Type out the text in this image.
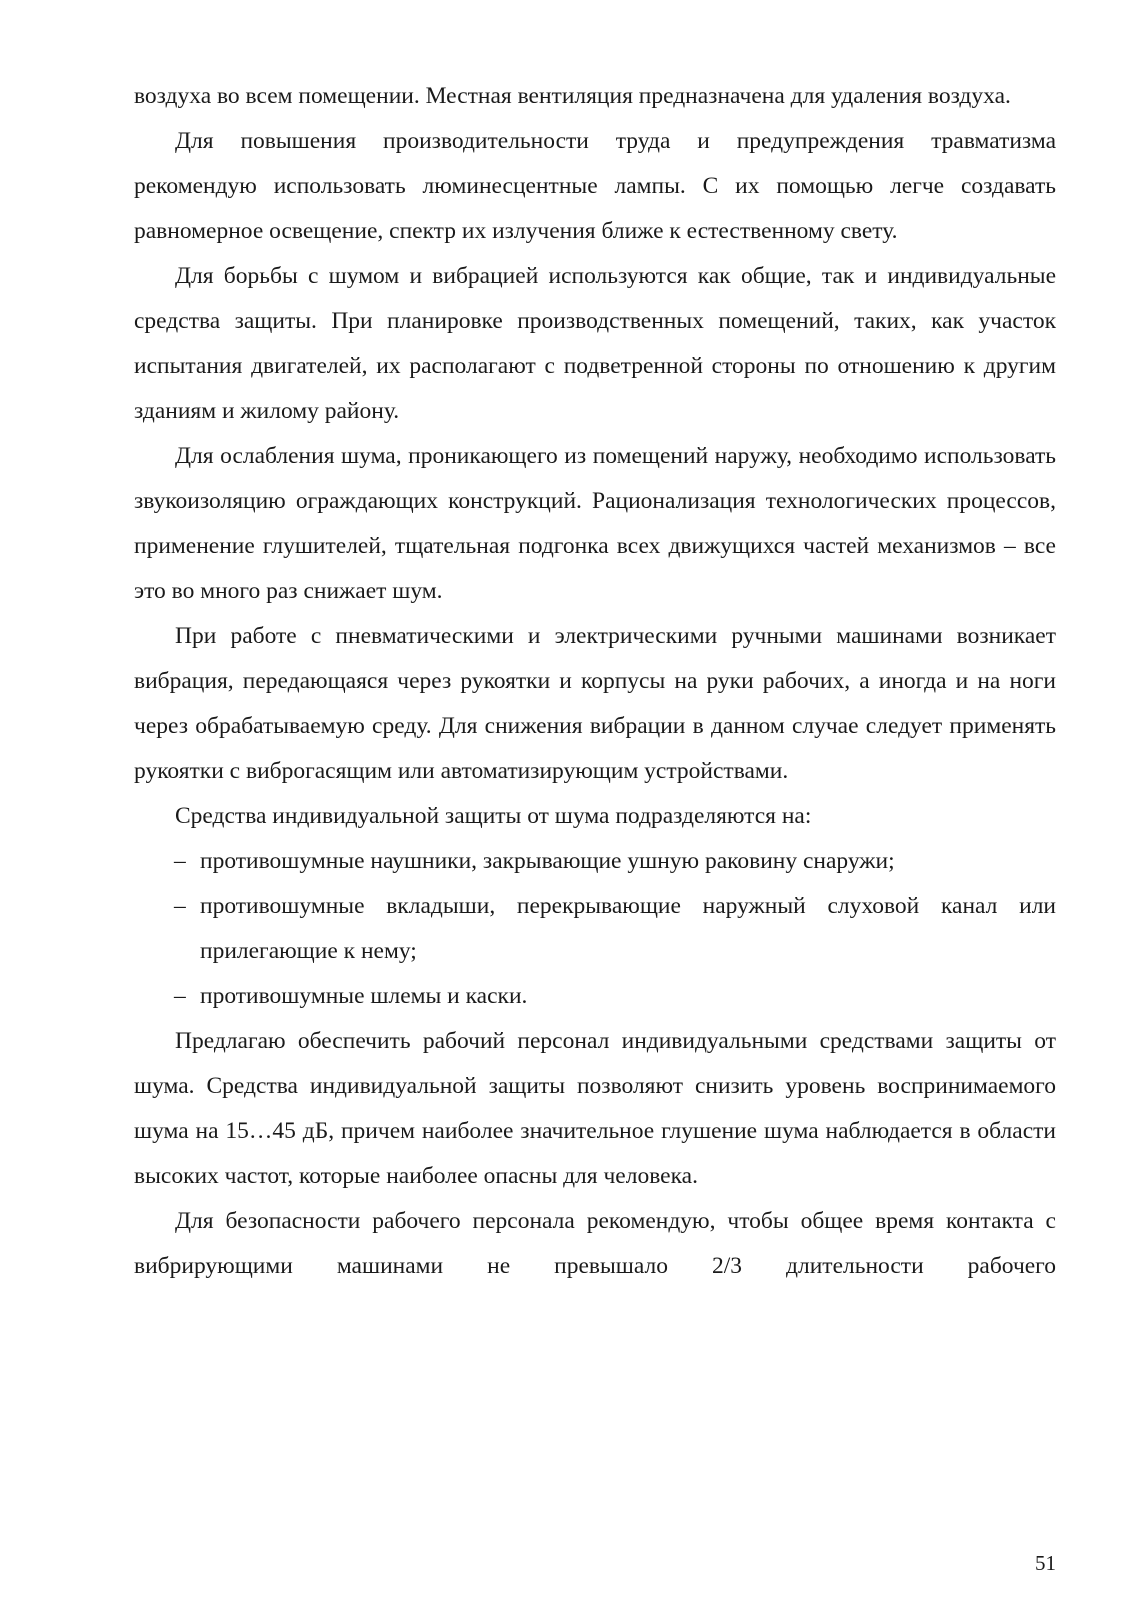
воздуха во всем помещении. Местная вентиляция предназначена для удаления воздуха.

Для повышения производительности труда и предупреждения травматизма рекомендую использовать люминесцентные лампы. С их помощью легче создавать равномерное освещение, спектр их излучения ближе к естественному свету.

Для борьбы с шумом и вибрацией используются как общие, так и индивидуальные средства защиты. При планировке производственных помещений, таких, как участок испытания двигателей, их располагают с подветренной стороны по отношению к другим зданиям и жилому району.

Для ослабления шума, проникающего из помещений наружу, необходимо использовать звукоизоляцию ограждающих конструкций. Рационализация технологических процессов, применение глушителей, тщательная подгонка всех движущихся частей механизмов – все это во много раз снижает шум.

При работе с пневматическими и электрическими ручными машинами возникает вибрация, передающаяся через рукоятки и корпусы на руки рабочих, а иногда и на ноги через обрабатываемую среду. Для снижения вибрации в данном случае следует применять рукоятки с виброгасящим или автоматизирующим устройствами.

Средства индивидуальной защиты от шума подразделяются на:

– противошумные наушники, закрывающие ушную раковину снаружи;
– противошумные вкладыши, перекрывающие наружный слуховой канал или прилегающие к нему;
– противошумные шлемы и каски.

Предлагаю обеспечить рабочий персонал индивидуальными средствами защиты от шума. Средства индивидуальной защиты позволяют снизить уровень воспринимаемого шума на 15…45 дБ, причем наиболее значительное глушение шума наблюдается в области высоких частот, которые наиболее опасны для человека.

Для безопасности рабочего персонала рекомендую, чтобы общее время контакта с вибрирующими машинами не превышало 2/3 длительности рабочего

51
